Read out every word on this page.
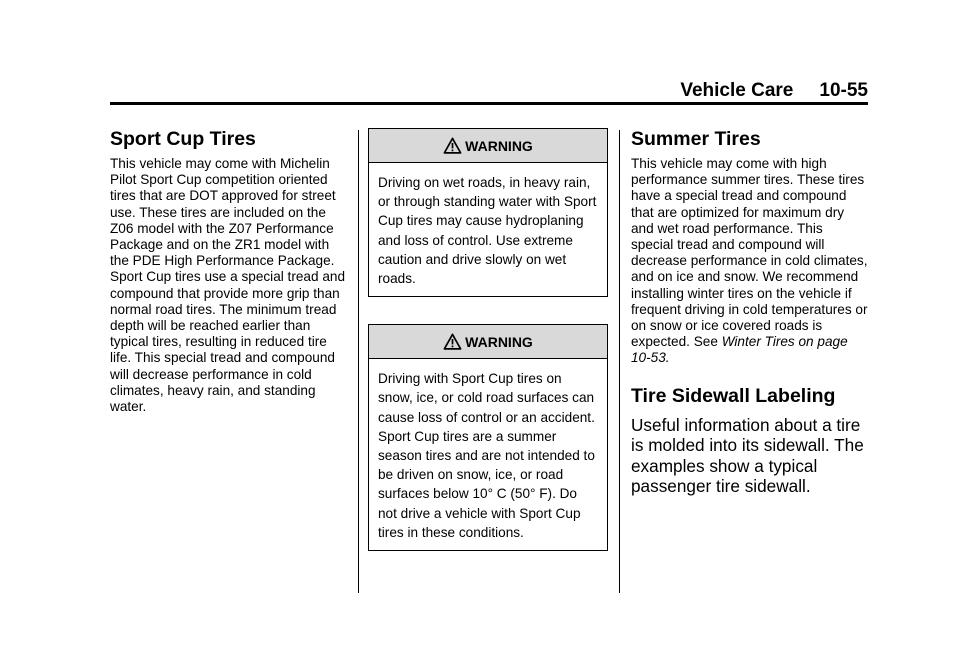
Vehicle Care 10-55
Sport Cup Tires

This vehicle may come with Michelin Pilot Sport Cup competition oriented tires that are DOT approved for street use. These tires are included on the Z06 model with the Z07 Performance Package and on the ZR1 model with the PDE High Performance Package. Sport Cup tires use a special tread and compound that provide more grip than normal road tires. The minimum tread depth will be reached earlier than typical tires, resulting in reduced tire life. This special tread and compound will decrease performance in cold climates, heavy rain, and standing water.

WARNING
Driving on wet roads, in heavy rain, or through standing water with Sport Cup tires may cause hydroplaning and loss of control. Use extreme caution and drive slowly on wet roads.
WARNING
Driving with Sport Cup tires on snow, ice, or cold road surfaces can cause loss of control or an accident. Sport Cup tires are a summer season tires and are not intended to be driven on snow, ice, or road surfaces below 10° C (50° F). Do not drive a vehicle with Sport Cup tires in these conditions.
Summer Tires

This vehicle may come with high performance summer tires. These tires have a special tread and compound that are optimized for maximum dry and wet road performance. This special tread and compound will decrease performance in cold climates, and on ice and snow. We recommend installing winter tires on the vehicle if frequent driving in cold temperatures or on snow or ice covered roads is expected. See Winter Tires on page 10-53.

Tire Sidewall Labeling

Useful information about a tire is molded into its sidewall. The examples show a typical passenger tire sidewall.
